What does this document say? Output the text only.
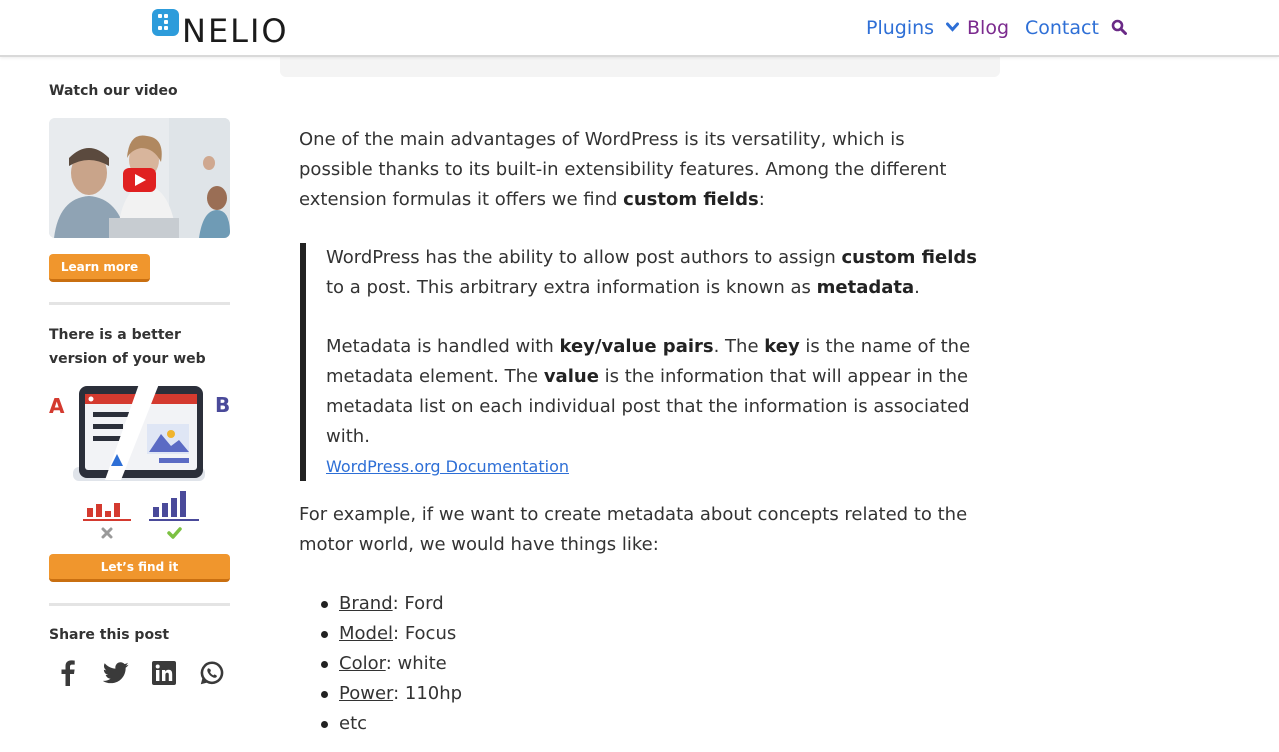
NELIO	Plugins	Blog Contact
Watch our video
Learn more
There is a better version of your web
A	B
Let’s find it
Share this post

One of the main advantages of WordPress is its versatility, which is possible thanks to its built-in extensibility features. Among the different extension formulas it offers we find custom fields:

WordPress has the ability to allow post authors to assign custom fields to a post. This arbitrary extra information is known as metadata.

Metadata is handled with key/value pairs. The key is the name of the metadata element. The value is the information that will appear in the metadata list on each individual post that the information is associated with.

WordPress.org Documentation

For example, if we want to create metadata about concepts related to the motor world, we would have things like:

Brand: Ford
Model: Focus
Color: white
Power: 110hp
etc
